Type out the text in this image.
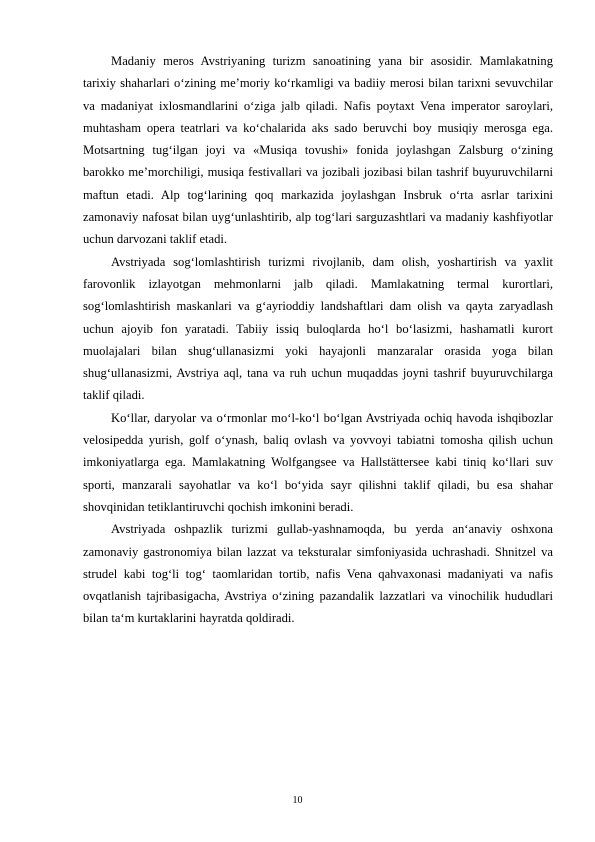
Madaniy meros Avstriyaning turizm sanoatining yana bir asosidir. Mamlakatning tarixiy shaharlari oʻzining meʼmoriy koʻrkamligi va badiiy merosi bilan tarixni sevuvchilar va madaniyat ixlosmandlarini oʻziga jalb qiladi. Nafis poytaxt Vena imperator saroylari, muhtasham opera teatrlari va koʻchalarida aks sado beruvchi boy musiqiy merosga ega. Motsartning tugʻilgan joyi va «Musiqa tovushi» fonida joylashgan Zalsburg oʻzining barokko meʼmorchiligi, musiqa festivallari va jozibali jozibasi bilan tashrif buyuruvchilarni maftun etadi. Alp togʻlarining qoq markazida joylashgan Insbruk oʻrta asrlar tarixini zamonaviy nafosat bilan uygʻunlashtirib, alp togʻlari sarguzashtlari va madaniy kashfiyotlar uchun darvozani taklif etadi.

Avstriyada sogʻlomlashtirish turizmi rivojlanib, dam olish, yoshartirish va yaxlit farovonlik izlayotgan mehmonlarni jalb qiladi. Mamlakatning termal kurortlari, sogʻlomlashtirish maskanlari va gʻayrioddiy landshaftlari dam olish va qayta zaryadlash uchun ajoyib fon yaratadi. Tabiiy issiq buloqlarda hoʻl boʻlasizmi, hashamatli kurort muolajalari bilan shugʻullanasizmi yoki hayajonli manzaralar orasida yoga bilan shugʻullanasizmi, Avstriya aql, tana va ruh uchun muqaddas joyni tashrif buyuruvchilarga taklif qiladi.

Koʻllar, daryolar va oʻrmonlar moʻl-koʻl boʻlgan Avstriyada ochiq havoda ishqibozlar velosipedda yurish, golf oʻynash, baliq ovlash va yovvoyi tabiatni tomosha qilish uchun imkoniyatlarga ega. Mamlakatning Wolfgangsee va Hallstättersee kabi tiniq koʻllari suv sporti, manzarali sayohatlar va koʻl boʻyida sayr qilishni taklif qiladi, bu esa shahar shovqinidan tetiklantiruvchi qochish imkonini beradi.

Avstriyada oshpazlik turizmi gullab-yashnamoqda, bu yerda anʻanaviy oshxona zamonaviy gastronomiya bilan lazzat va teksturalar simfoniyasida uchrashadi. Shnitzel va strudel kabi togʻli togʻ taomlaridan tortib, nafis Vena qahvaxonasi madaniyati va nafis ovqatlanish tajribasigacha, Avstriya oʻzining pazandalik lazzatlari va vinochilik hududlari bilan taʻm kurtaklarini hayratda qoldiradi.

10
